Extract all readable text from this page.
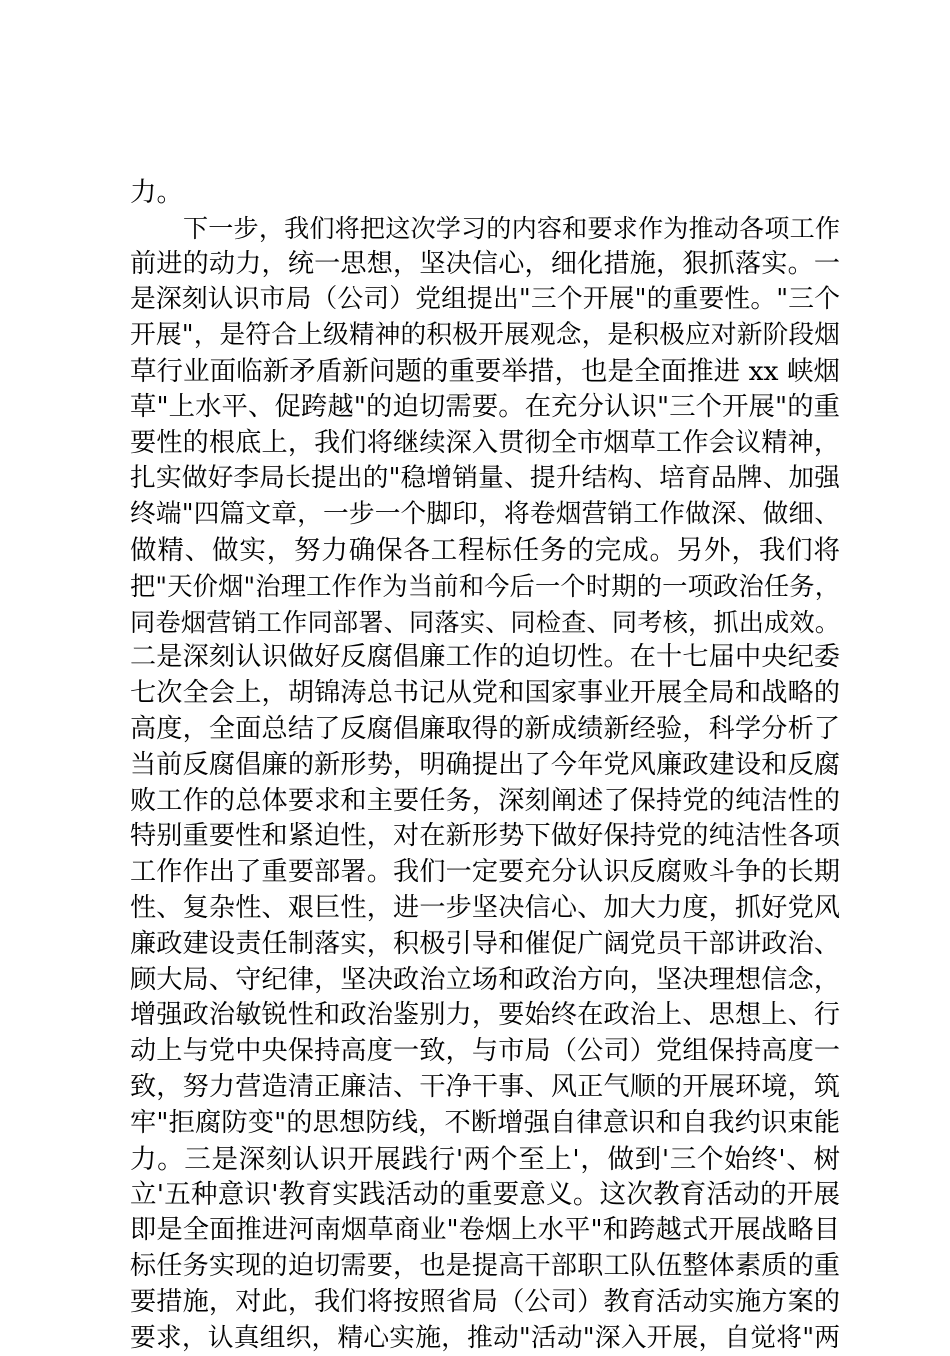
力。
下一步，我们将把这次学习的内容和要求作为推动各项工作
前进的动力，统一思想，坚决信心，细化措施，狠抓落实。一
是深刻认识市局（公司）党组提出"三个开展"的重要性。"三个
开展"，是符合上级精神的积极开展观念，是积极应对新阶段烟
草行业面临新矛盾新问题的重要举措，也是全面推进 xx 峡烟
草"上水平、促跨越"的迫切需要。在充分认识"三个开展"的重
要性的根底上，我们将继续深入贯彻全市烟草工作会议精神，
扎实做好李局长提出的"稳增销量、提升结构、培育品牌、加强
终端"四篇文章，一步一个脚印，将卷烟营销工作做深、做细、
做精、做实，努力确保各工程标任务的完成。另外，我们将
把"天价烟"治理工作作为当前和今后一个时期的一项政治任务，
同卷烟营销工作同部署、同落实、同检查、同考核，抓出成效。
二是深刻认识做好反腐倡廉工作的迫切性。在十七届中央纪委
七次全会上，胡锦涛总书记从党和国家事业开展全局和战略的
高度，全面总结了反腐倡廉取得的新成绩新经验，科学分析了
当前反腐倡廉的新形势，明确提出了今年党风廉政建设和反腐
败工作的总体要求和主要任务，深刻阐述了保持党的纯洁性的
特别重要性和紧迫性，对在新形势下做好保持党的纯洁性各项
工作作出了重要部署。我们一定要充分认识反腐败斗争的长期
性、复杂性、艰巨性，进一步坚决信心、加大力度，抓好党风
廉政建设责任制落实，积极引导和催促广阔党员干部讲政治、
顾大局、守纪律，坚决政治立场和政治方向，坚决理想信念，
增强政治敏锐性和政治鉴别力，要始终在政治上、思想上、行
动上与党中央保持高度一致，与市局（公司）党组保持高度一
致，努力营造清正廉洁、干净干事、风正气顺的开展环境，筑
牢"拒腐防变"的思想防线，不断增强自律意识和自我约识束能
力。三是深刻认识开展践行'两个至上'，做到'三个始终'、树
立'五种意识'教育实践活动的重要意义。这次教育活动的开展
即是全面推进河南烟草商业"卷烟上水平"和跨越式开展战略目
标任务实现的迫切需要，也是提高干部职工队伍整体素质的重
要措施，对此，我们将按照省局（公司）教育活动实施方案的
要求，认真组织，精心实施，推动"活动"深入开展，自觉将"两
